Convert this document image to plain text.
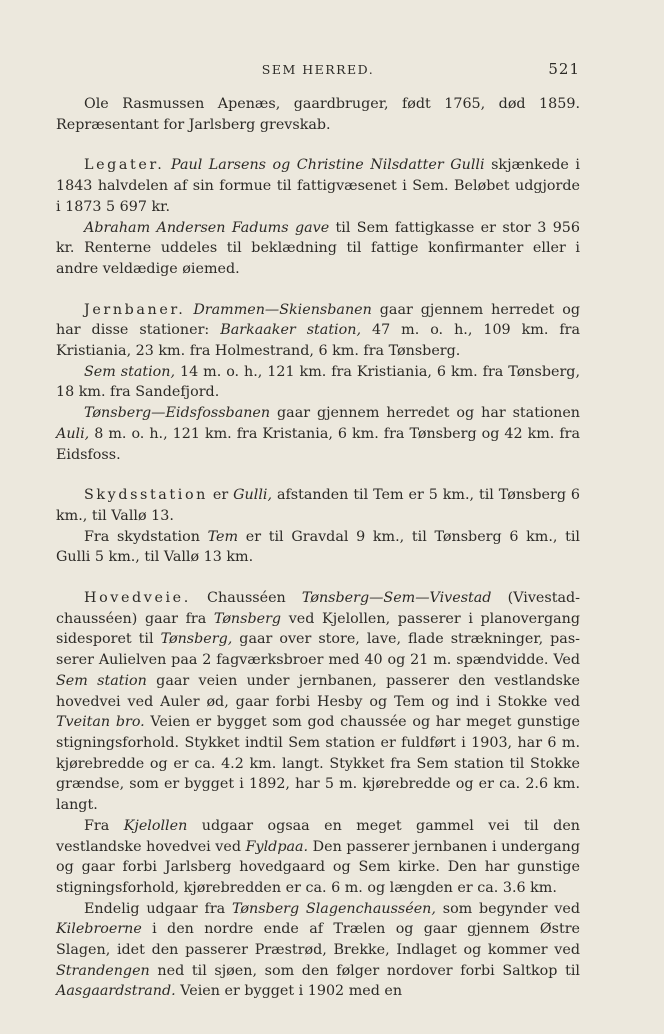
SEM HERRED.	521

Ole Rasmussen Apenæs, gaardbruger, født 1765, død 1859. Repræsentant for Jarlsberg grevskab.

Legater. Paul Larsens og Christine Nilsdatter Gulli skjænkede i 1843 halvdelen af sin formue til fattigvæsenet i Sem. Beløbet udgjorde i 1873 5 697 kr.

Abraham Andersen Fadums gave til Sem fattigkasse er stor 3 956 kr. Renterne uddeles til beklædning til fattige konfirmanter eller i andre veldædige øiemed.

Jernbaner. Drammen—Skiensbanen gaar gjennem herredet og har disse stationer: Barkaaker station, 47 m. o. h., 109 km. fra Kristiania, 23 km. fra Holmestrand, 6 km. fra Tønsberg.

Sem station, 14 m. o. h., 121 km. fra Kristiania, 6 km. fra Tønsberg, 18 km. fra Sandefjord.

Tønsberg—Eidsfossbanen gaar gjennem herredet og har stationen Auli, 8 m. o. h., 121 km. fra Kristania, 6 km. fra Tønsberg og 42 km. fra Eidsfoss.

Skydsstation er Gulli, afstanden til Tem er 5 km., til Tønsberg 6 km., til Vallø 13.

Fra skydstation Tem er til Gravdal 9 km., til Tønsberg 6 km., til Gulli 5 km., til Vallø 13 km.

Hovedveie. Chausséen Tønsberg—Sem—Vivestad (Vivestadchausséen) gaar fra Tønsberg ved Kjelollen, passerer i planovergang sidesporet til Tønsberg, gaar over store, lave, flade strækninger, passerer Aulielven paa 2 fagværksbroer med 40 og 21 m. spændvidde. Ved Sem station gaar veien under jernbanen, passerer den vestlandske hovedvei ved Auler ød, gaar forbi Hesby og Tem og ind i Stokke ved Tveitan bro. Veien er bygget som god chaussée og har meget gunstige stigningsforhold. Stykket indtil Sem station er fuldført i 1903, har 6 m. kjørebredde og er ca. 4.2 km. langt. Stykket fra Sem station til Stokke grændse, som er bygget i 1892, har 5 m. kjørebredde og er ca. 2.6 km. langt.

Fra Kjelollen udgaar ogsaa en meget gammel vei til den vestlandske hovedvei ved Fyldpaa. Den passerer jernbanen i undergang og gaar forbi Jarlsberg hovedgaard og Sem kirke. Den har gunstige stigningsforhold, kjørebredden er ca. 6 m. og længden er ca. 3.6 km.

Endelig udgaar fra Tønsberg Slagenchausséen, som begynder ved Kilebroerne i den nordre ende af Trælen og gaar gjennem Østre Slagen, idet den passerer Præstrød, Brekke, Indlaget og kommer ved Strandengen ned til sjøen, som den følger nordover forbi Saltkop til Aasgaardstrand. Veien er bygget i 1902 med en
